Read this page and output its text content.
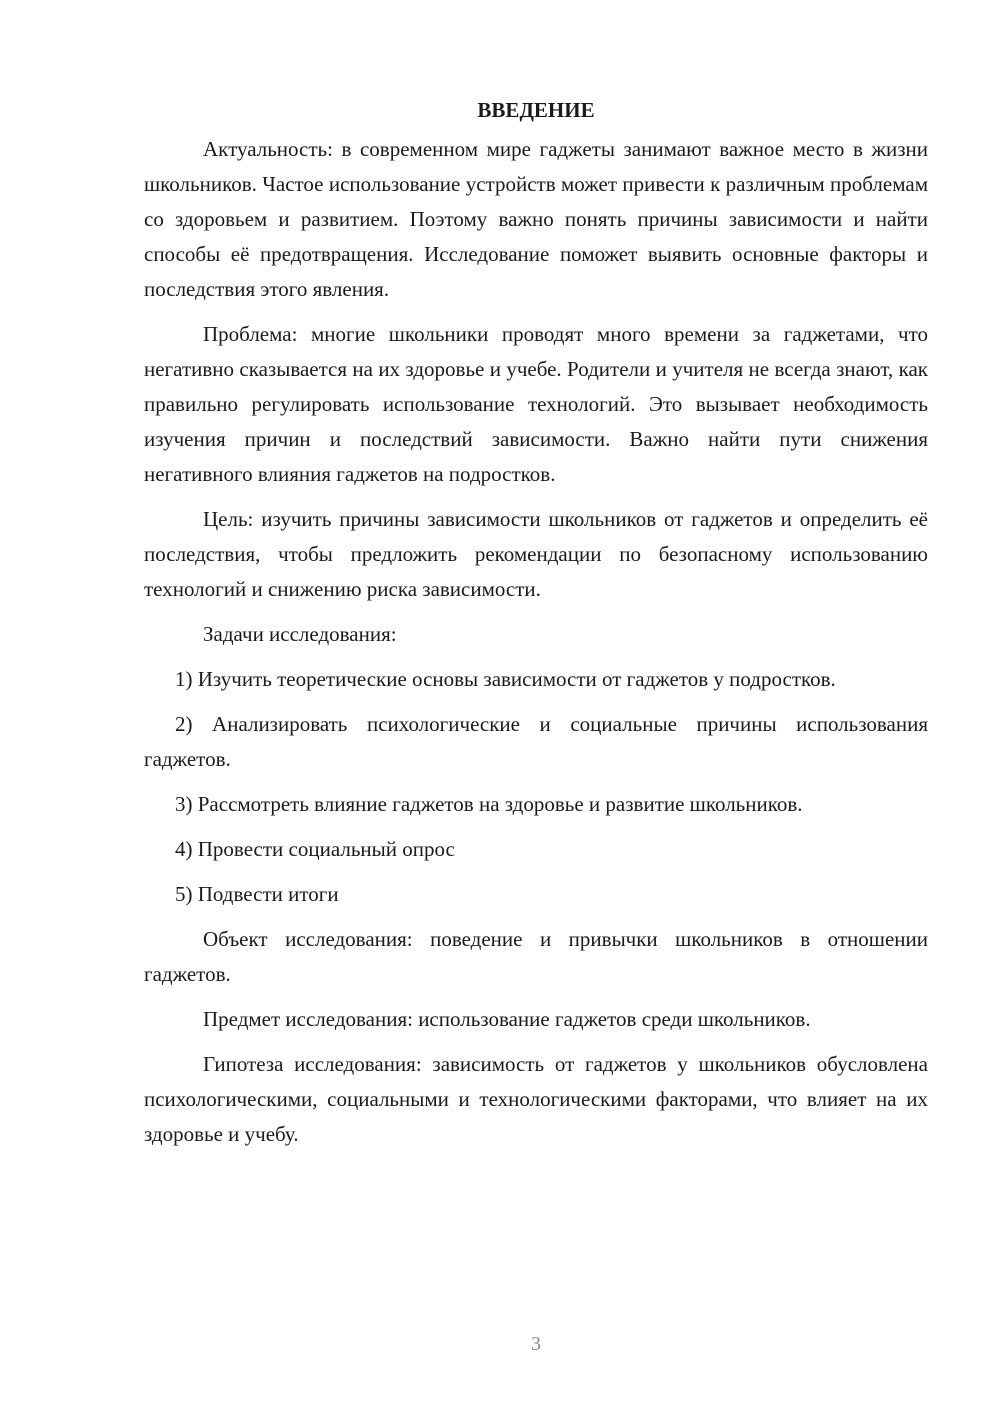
ВВЕДЕНИЕ

Актуальность: в современном мире гаджеты занимают важное место в жизни школьников. Частое использование устройств может привести к различным проблемам со здоровьем и развитием. Поэтому важно понять причины зависимости и найти способы её предотвращения. Исследование поможет выявить основные факторы и последствия этого явления.

Проблема: многие школьники проводят много времени за гаджетами, что негативно сказывается на их здоровье и учебе. Родители и учителя не всегда знают, как правильно регулировать использование технологий. Это вызывает необходимость изучения причин и последствий зависимости. Важно найти пути снижения негативного влияния гаджетов на подростков.

Цель: изучить причины зависимости школьников от гаджетов и определить её последствия, чтобы предложить рекомендации по безопасному использованию технологий и снижению риска зависимости.

Задачи исследования:

1) Изучить теоретические основы зависимости от гаджетов у подростков.

2) Анализировать психологические и социальные причины использования гаджетов.

3) Рассмотреть влияние гаджетов на здоровье и развитие школьников.

4) Провести социальный опрос

5) Подвести итоги

Объект исследования: поведение и привычки школьников в отношении гаджетов.

Предмет исследования: использование гаджетов среди школьников.

Гипотеза исследования: зависимость от гаджетов у школьников обусловлена психологическими, социальными и технологическими факторами, что влияет на их здоровье и учебу.

3
